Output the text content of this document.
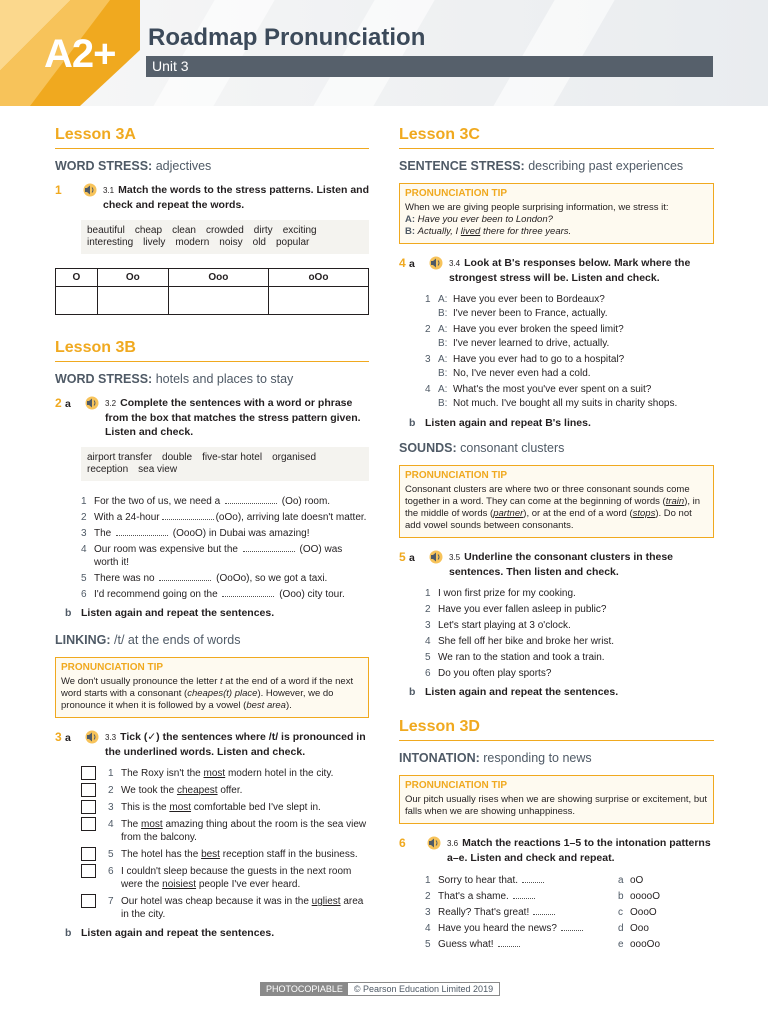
A2+ Roadmap Pronunciation
Unit 3
Lesson 3A
WORD STRESS: adjectives
1	3.1 Match the words to the stress patterns. Listen and check and repeat the words.
beautiful cheap clean crowded dirty exciting
interesting lively modern noisy old popular
O	Oo	Ooo	oOo

Lesson 3B
WORD STRESS: hotels and places to stay
2 a	3.2 Complete the sentences with a word or phrase from the box that matches the stress pattern given. Listen and check.
airport transfer double five-star hotel organised
reception sea view
1 For the two of us, we need a	(Oo) room.
2 With a 24-hour	(oOo), arriving late doesn't matter.
3 The	(OooO) in Dubai was amazing!
4 Our room was expensive but the	(OO) was worth it!
5 There was no	(OoOo), so we got a taxi.
6 I'd recommend going on the	(Ooo) city tour.
b Listen again and repeat the sentences.
LINKING: /t/ at the ends of words
PRONUNCIATION TIP
We don't usually pronounce the letter t at the end of a word if the next word starts with a consonant (cheapes(t) place). However, we do pronounce it when it is followed by a vowel (best area).
3 a	3.3 Tick (✓) the sentences where /t/ is pronounced in the underlined words. Listen and check.
1 The Roxy isn't the most modern hotel in the city.
2 We took the cheapest offer.
3 This is the most comfortable bed I've slept in.
4 The most amazing thing about the room is the sea view from the balcony.
5 The hotel has the best reception staff in the business.
6 I couldn't sleep because the guests in the next room were the noisiest people I've ever heard.
7 Our hotel was cheap because it was in the ugliest area in the city.
b Listen again and repeat the sentences.
Lesson 3C
SENTENCE STRESS: describing past experiences
PRONUNCIATION TIP
When we are giving people surprising information, we stress it:
A: Have you ever been to London?
B: Actually, I lived there for three years.
4 a	3.4 Look at B's responses below. Mark where the strongest stress will be. Listen and check.
1 A: Have you ever been to Bordeaux?
B: I've never been to France, actually.
2 A: Have you ever broken the speed limit?
B: I've never learned to drive, actually.
3 A: Have you ever had to go to a hospital?
B: No, I've never even had a cold.
4 A: What's the most you've ever spent on a suit?
B: Not much. I've bought all my suits in charity shops.
b Listen again and repeat B's lines.
SOUNDS: consonant clusters
PRONUNCIATION TIP
Consonant clusters are where two or three consonant sounds come together in a word. They can come at the beginning of words (train), in the middle of words (partner), or at the end of a word (stops). Do not add vowel sounds between consonants.
5 a	3.5 Underline the consonant clusters in these sentences. Then listen and check.
1 I won first prize for my cooking.
2 Have you ever fallen asleep in public?
3 Let's start playing at 3 o'clock.
4 She fell off her bike and broke her wrist.
5 We ran to the station and took a train.
6 Do you often play sports?
b Listen again and repeat the sentences.
Lesson 3D
INTONATION: responding to news
PRONUNCIATION TIP
Our pitch usually rises when we are showing surprise or excitement, but falls when we are showing unhappiness.
6	3.6 Match the reactions 1–5 to the intonation patterns a–e. Listen and check and repeat.
1 Sorry to hear that.	a oO
2 That's a shame.	b ooooO
3 Really? That's great!	c OooO
4 Have you heard the news?	d Ooo
5 Guess what!	e oooOo
PHOTOCOPIABLE	© Pearson Education Limited 2019
